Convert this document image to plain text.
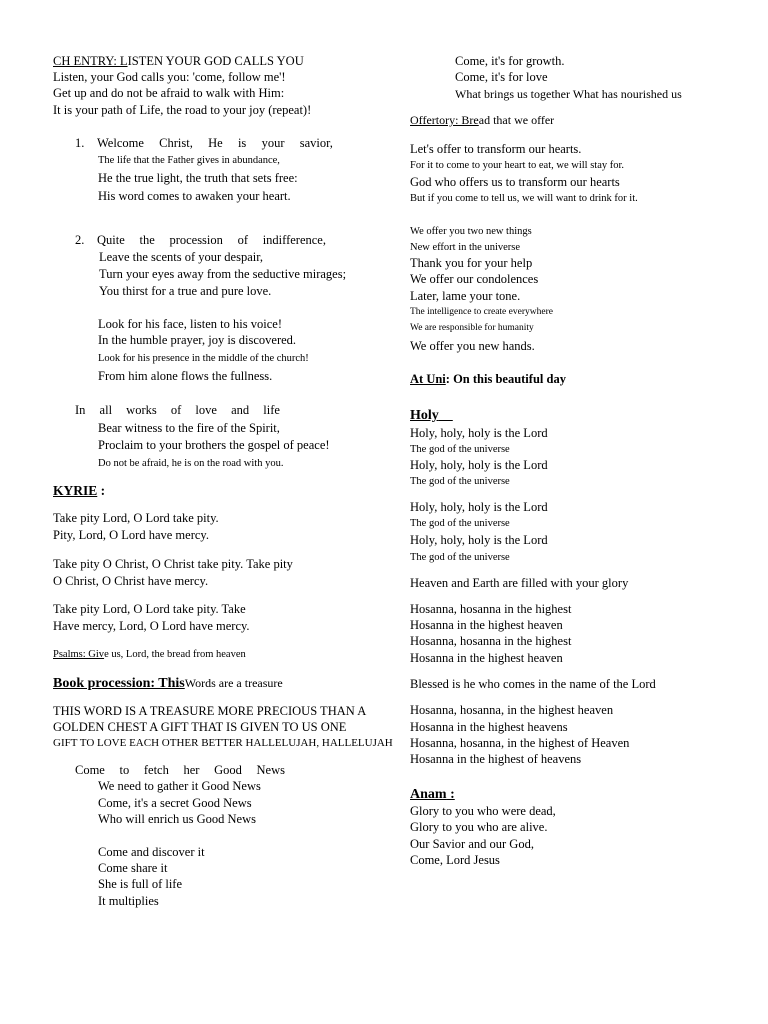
CH ENTRY: LISTEN YOUR GOD CALLS YOU
Listen, your God calls you: 'come, follow me'!
Get up and do not be afraid to walk with Him:
It is your path of Life, the road to your joy (repeat)!
1. Welcome Christ, He is your savior,
The life that the Father gives in abundance,
He the true light, the truth that sets free:
His word comes to awaken your heart.
2. Quite the procession of indifference,
Leave the scents of your despair,
Turn your eyes away from the seductive mirages;
You thirst for a true and pure love.
Look for his face, listen to his voice!
In the humble prayer, joy is discovered.
Look for his presence in the middle of the church!
From him alone flows the fullness.
In all works of love and life
Bear witness to the fire of the Spirit,
Proclaim to your brothers the gospel of peace!
Do not be afraid, he is on the road with you.
KYRIE :
Take pity Lord, O Lord take pity.
Pity, Lord, O Lord have mercy.
Take pity O Christ, O Christ take pity. Take pity
O Christ, O Christ have mercy.
Take pity Lord, O Lord take pity. Take
Have mercy, Lord, O Lord have mercy.
Psalms: Give us, Lord, the bread from heaven
Book procession: ThisWords are a treasure
THIS WORD IS A TREASURE MORE PRECIOUS THAN A
GOLDEN CHEST A GIFT THAT IS GIVEN TO US ONE
GIFT TO LOVE EACH OTHER BETTER HALLELUJAH, HALLELUJAH
Come to fetch her Good News
We need to gather it Good News
Come, it's a secret Good News
Who will enrich us Good News
Come and discover it
Come share it
She is full of life
It multiplies
Come, it's for growth.
Come, it's for love
What brings us together What has nourished us
Offertory: Bread that we offer
Let's offer to transform our hearts.
For it to come to your heart to eat, we will stay for.
God who offers us to transform our hearts
But if you come to tell us, we will want to drink for it.
We offer you two new things
New effort in the universe
Thank you for your help
We offer our condolences
Later, lame your tone.
The intelligence to create everywhere
We are responsible for humanity
We offer you new hands.
At Uni: On this beautiful day
Holy
Holy, holy, holy is the Lord
The god of the universe
Holy, holy, holy is the Lord
The god of the universe
Holy, holy, holy is the Lord
The god of the universe
Holy, holy, holy is the Lord
The god of the universe
Heaven and Earth are filled with your glory
Hosanna, hosanna in the highest
Hosanna in the highest heaven
Hosanna, hosanna in the highest
Hosanna in the highest heaven
Blessed is he who comes in the name of the Lord
Hosanna, hosanna, in the highest heaven
Hosanna in the highest heavens
Hosanna, hosanna, in the highest of Heaven
Hosanna in the highest of heavens
Anam :
Glory to you who were dead,
Glory to you who are alive.
Our Savior and our God,
Come, Lord Jesus
